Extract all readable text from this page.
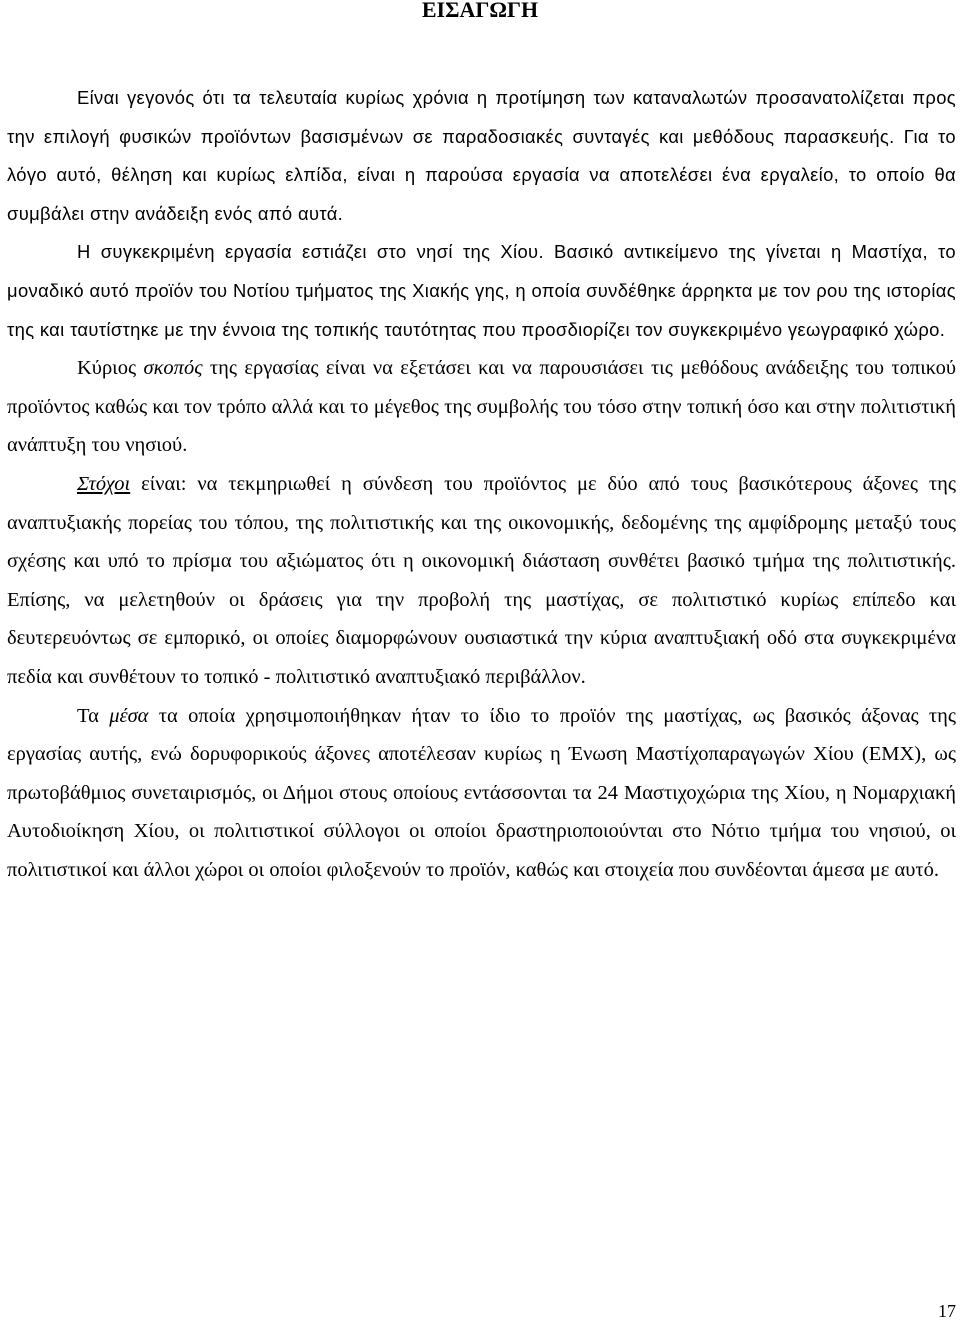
ΕΙΣΑΓΩΓΗ

Είναι γεγονός ότι τα τελευταία κυρίως χρόνια η προτίμηση των καταναλωτών προσανατολίζεται προς την επιλογή φυσικών προϊόντων βασισμένων σε παραδοσιακές συνταγές και μεθόδους παρασκευής. Για το λόγο αυτό, θέληση και κυρίως ελπίδα, είναι η παρούσα εργασία να αποτελέσει ένα εργαλείο, το οποίο θα συμβάλει στην ανάδειξη ενός από αυτά.

Η συγκεκριμένη εργασία εστιάζει στο νησί της Χίου. Βασικό αντικείμενο της γίνεται η Μαστίχα, το μοναδικό αυτό προϊόν του Νοτίου τμήματος της Χιακής γης, η οποία συνδέθηκε άρρηκτα με τον ρου της ιστορίας της και ταυτίστηκε με την έννοια της τοπικής ταυτότητας που προσδιορίζει τον συγκεκριμένο γεωγραφικό χώρο.

Κύριος σκοπός της εργασίας είναι να εξετάσει και να παρουσιάσει τις μεθόδους ανάδειξης του τοπικού προϊόντος καθώς και τον τρόπο αλλά και το μέγεθος της συμβολής του τόσο στην τοπική όσο και στην πολιτιστική ανάπτυξη του νησιού.

Στόχοι είναι: να τεκμηριωθεί η σύνδεση του προϊόντος με δύο από τους βασικότερους άξονες της αναπτυξιακής πορείας του τόπου, της πολιτιστικής και της οικονομικής, δεδομένης της αμφίδρομης μεταξύ τους σχέσης και υπό το πρίσμα του αξιώματος ότι η οικονομική διάσταση συνθέτει βασικό τμήμα της πολιτιστικής. Επίσης, να μελετηθούν οι δράσεις για την προβολή της μαστίχας, σε πολιτιστικό κυρίως επίπεδο και δευτερευόντως σε εμπορικό, οι οποίες διαμορφώνουν ουσιαστικά την κύρια αναπτυξιακή οδό στα συγκεκριμένα πεδία και συνθέτουν το τοπικό - πολιτιστικό αναπτυξιακό περιβάλλον.

Τα μέσα τα οποία χρησιμοποιήθηκαν ήταν το ίδιο το προϊόν της μαστίχας, ως βασικός άξονας της εργασίας αυτής, ενώ δορυφορικούς άξονες αποτέλεσαν κυρίως η Ένωση Μαστίχοπαραγωγών Χίου (ΕΜΧ), ως πρωτοβάθμιος συνεταιρισμός, οι Δήμοι στους οποίους εντάσσονται τα 24 Μαστιχοχώρια της Χίου, η Νομαρχιακή Αυτοδιοίκηση Χίου, οι πολιτιστικοί σύλλογοι οι οποίοι δραστηριοποιούνται στο Νότιο τμήμα του νησιού, οι πολιτιστικοί και άλλοι χώροι οι οποίοι φιλοξενούν το προϊόν, καθώς και στοιχεία που συνδέονται άμεσα με αυτό.

17
